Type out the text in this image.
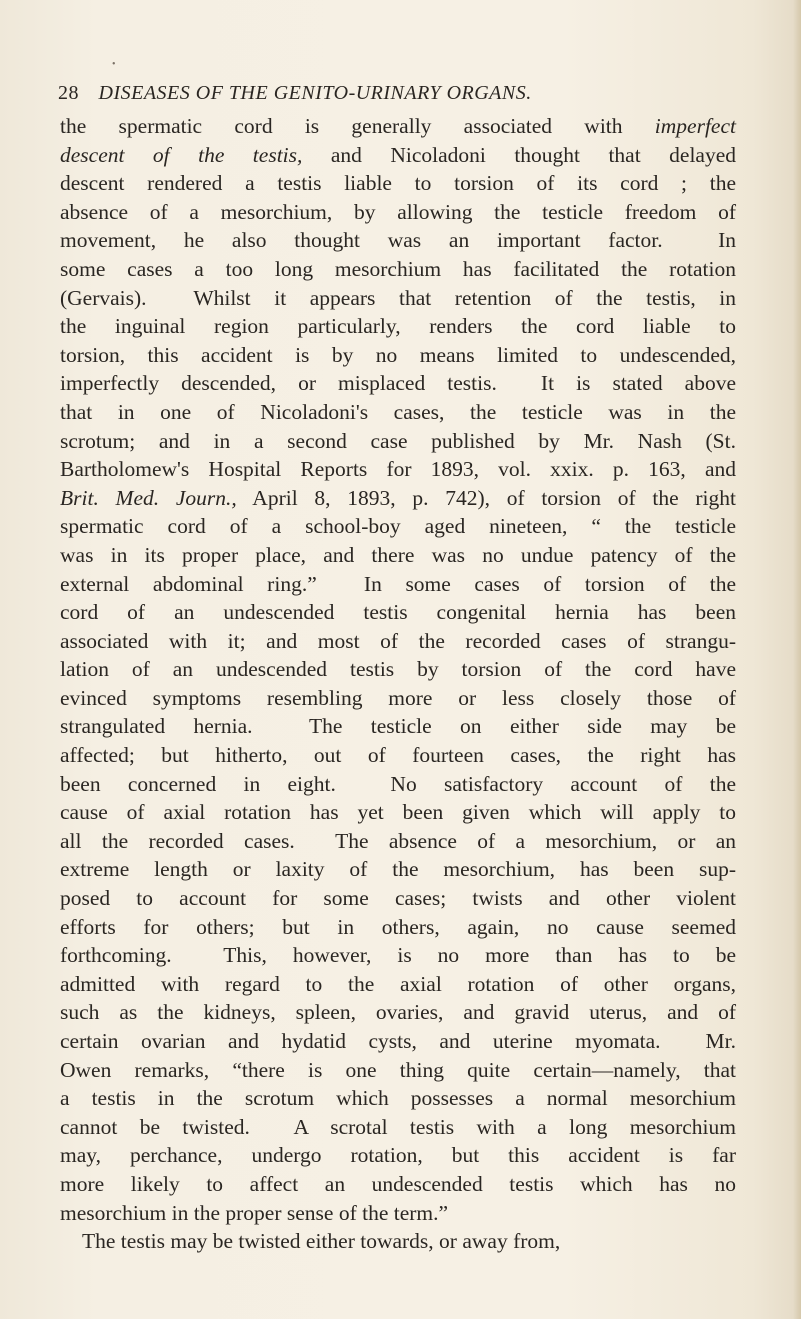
•
28 DISEASES OF THE GENITO-URINARY ORGANS.
the spermatic cord is generally associated with imperfect
descent of the testis, and Nicoladoni thought that delayed
descent rendered a testis liable to torsion of its cord ; the
absence of a mesorchium, by allowing the testicle freedom of
movement, he also thought was an important factor.  In
some cases a too long mesorchium has facilitated the rotation
(Gervais).  Whilst it appears that retention of the testis, in
the inguinal region particularly, renders the cord liable to
torsion, this accident is by no means limited to undescended,
imperfectly descended, or misplaced testis.  It is stated above
that in one of Nicoladoni's cases, the testicle was in the
scrotum; and in a second case published by Mr. Nash (St.
Bartholomew's Hospital Reports for 1893, vol. xxix. p. 163, and
Brit. Med. Journ., April 8, 1893, p. 742), of torsion of the right
spermatic cord of a school-boy aged nineteen, “ the testicle
was in its proper place, and there was no undue patency of the
external abdominal ring.”  In some cases of torsion of the
cord of an undescended testis congenital hernia has been
associated with it; and most of the recorded cases of strangu-
lation of an undescended testis by torsion of the cord have
evinced symptoms resembling more or less closely those of
strangulated hernia.  The testicle on either side may be
affected; but hitherto, out of fourteen cases, the right has
been concerned in eight.  No satisfactory account of the
cause of axial rotation has yet been given which will apply to
all the recorded cases.  The absence of a mesorchium, or an
extreme length or laxity of the mesorchium, has been sup-
posed to account for some cases; twists and other violent
efforts for others; but in others, again, no cause seemed
forthcoming.  This, however, is no more than has to be
admitted with regard to the axial rotation of other organs,
such as the kidneys, spleen, ovaries, and gravid uterus, and of
certain ovarian and hydatid cysts, and uterine myomata.  Mr.
Owen remarks, “there is one thing quite certain—namely, that
a testis in the scrotum which possesses a normal mesorchium
cannot be twisted.  A scrotal testis with a long mesorchium
may, perchance, undergo rotation, but this accident is far
more likely to affect an undescended testis which has no
mesorchium in the proper sense of the term.”
The testis may be twisted either towards, or away from,
